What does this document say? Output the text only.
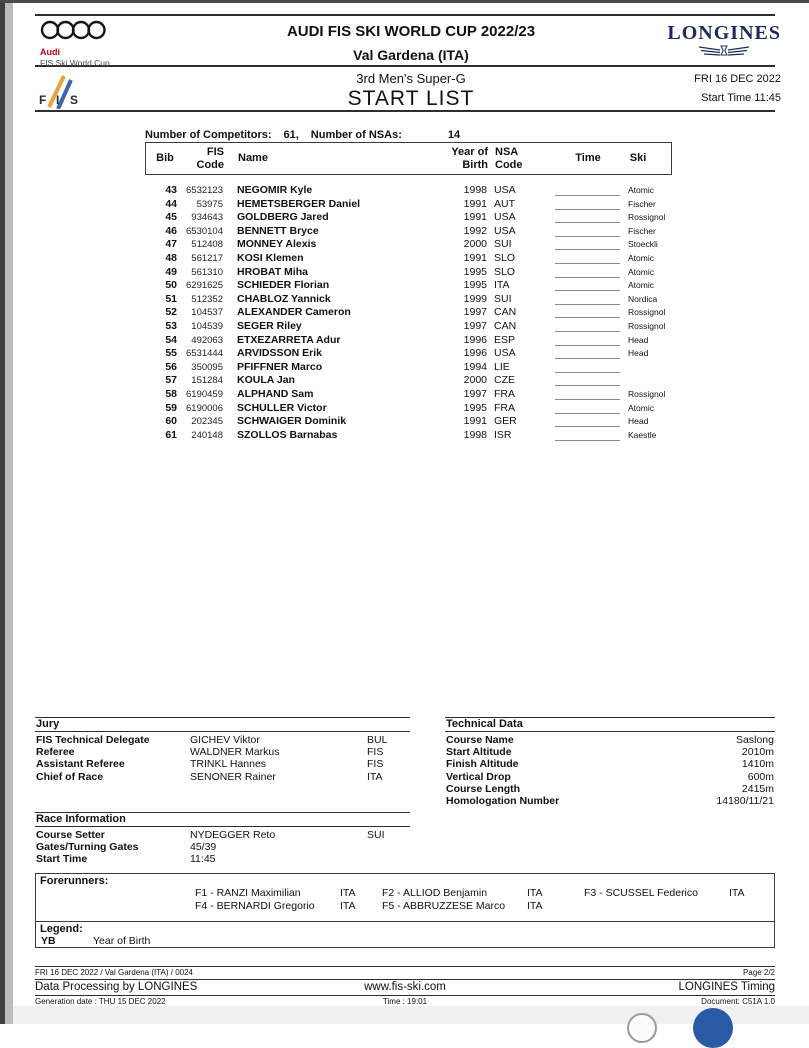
Audi
FIS Ski World Cup
AUDI FIS SKI WORLD CUP 2022/23
Val Gardena (ITA)
LONGINES
F I S
3rd Men's Super-G
START LIST
FRI 16 DEC 2022
Start Time 11:45
Number of Competitors: 61, Number of NSAs:	14
Bib	FIS
Code
Name	Year of
Birth
NSA
Code
Time	Ski
43 6532123 NEGOMIR Kyle	1998 USA	Atomic
44	53975 HEMETSBERGER Daniel	1991 AUT	Fischer
45	934643 GOLDBERG Jared	1991 USA	Rossignol
46 6530104 BENNETT Bryce	1992 USA	Fischer
47	512408 MONNEY Alexis	2000 SUI	Stoeckli
48	561217 KOSI Klemen	1991 SLO	Atomic
49	561310 HROBAT Miha	1995 SLO	Atomic
50 6291625 SCHIEDER Florian	1995 ITA	Atomic
51	512352 CHABLOZ Yannick	1999 SUI	Nordica
52	104537 ALEXANDER Cameron	1997 CAN	Rossignol
53	104539 SEGER Riley	1997 CAN	Rossignol
54	492063 ETXEZARRETA Adur	1996 ESP	Head
55 6531444 ARVIDSSON Erik	1996 USA	Head
56	350095 PFIFFNER Marco	1994 LIE
57	151284 KOULA Jan	2000 CZE
58 6190459 ALPHAND Sam	1997 FRA	Rossignol
59 6190006 SCHULLER Victor	1995 FRA	Atomic
60	202345 SCHWAIGER Dominik	1991 GER	Head
61	240148 SZOLLOS Barnabas	1998 ISR	Kaestle
Jury
FIS Technical Delegate	GICHEV Viktor	BUL
Referee	WALDNER Markus	FIS
Assistant Referee	TRINKL Hannes	FIS
Chief of Race	SENONER Rainer	ITA
Technical Data
Course Name	Saslong
Start Altitude	2010m
Finish Altitude	1410m
Vertical Drop	600m
Course Length	2415m
Homologation Number	14180/11/21
Race Information
Course Setter	NYDEGGER Reto	SUI
Gates/Turning Gates	45/39
Start Time	11:45
Forerunners:
F1 - RANZI Maximilian	ITA	F2 - ALLIOD Benjamin	ITA	F3 - SCUSSEL Federico	ITA
F4 - BERNARDI Gregorio ITA	F5 - ABBRUZZESE Marco ITA
Legend:
YB	Year of Birth
FRI 16 DEC 2022 / Val Gardena (ITA) / 0024	Page 2/2
Data Processing by LONGINES	www.fis-ski.com	LONGINES Timing
Generation date : THU 15 DEC 2022	Time : 19:01	Document: C51A 1.0
